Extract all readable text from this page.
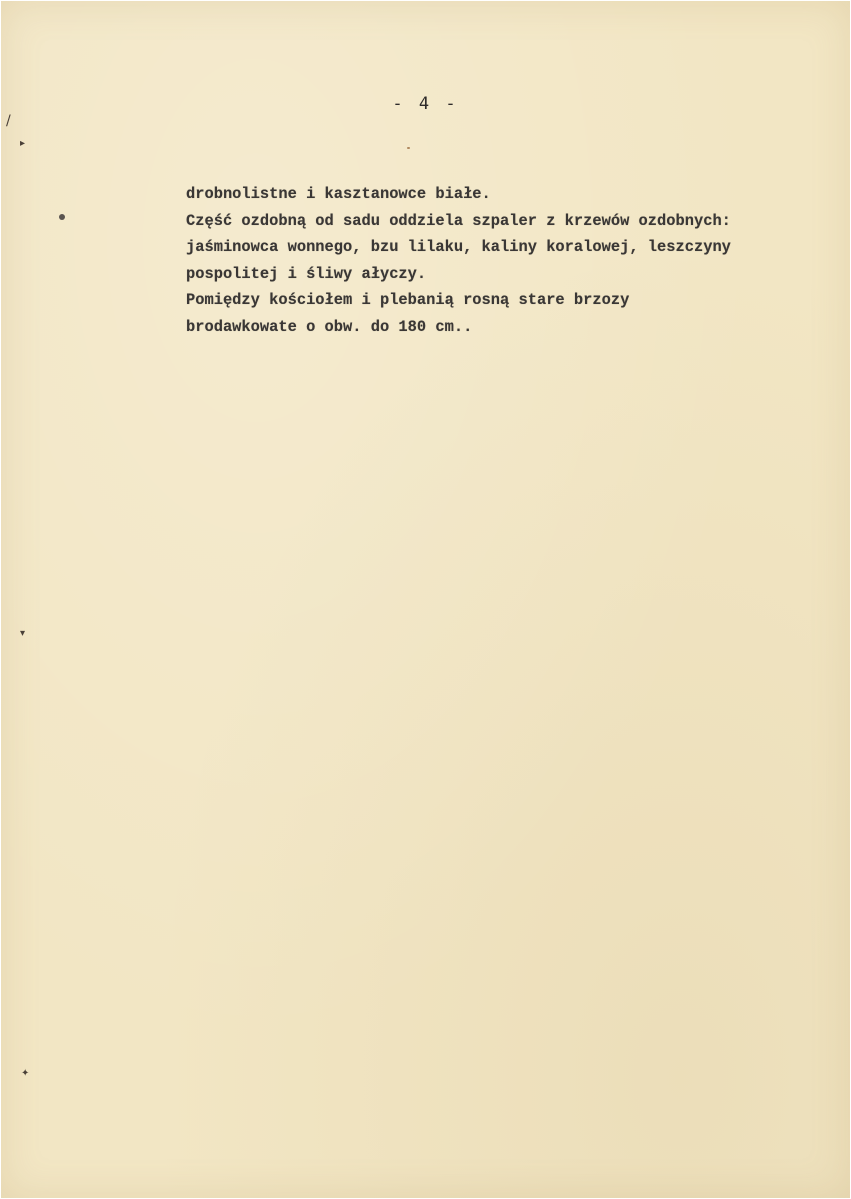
- 4 -
drobnolistne i kasztanowce białe.
Część ozdobną od sadu oddziela szpaler z krzewów ozdobnych:
jaśminowca wonnego, bzu lilaku, kaliny koralowej, leszczyny
pospolitej i śliwy ałyczy.
Pomiędzy kościołem i plebanią rosną stare brzozy
brodawkowate o obw. do 180 cm..
▸
▾
✦
/
